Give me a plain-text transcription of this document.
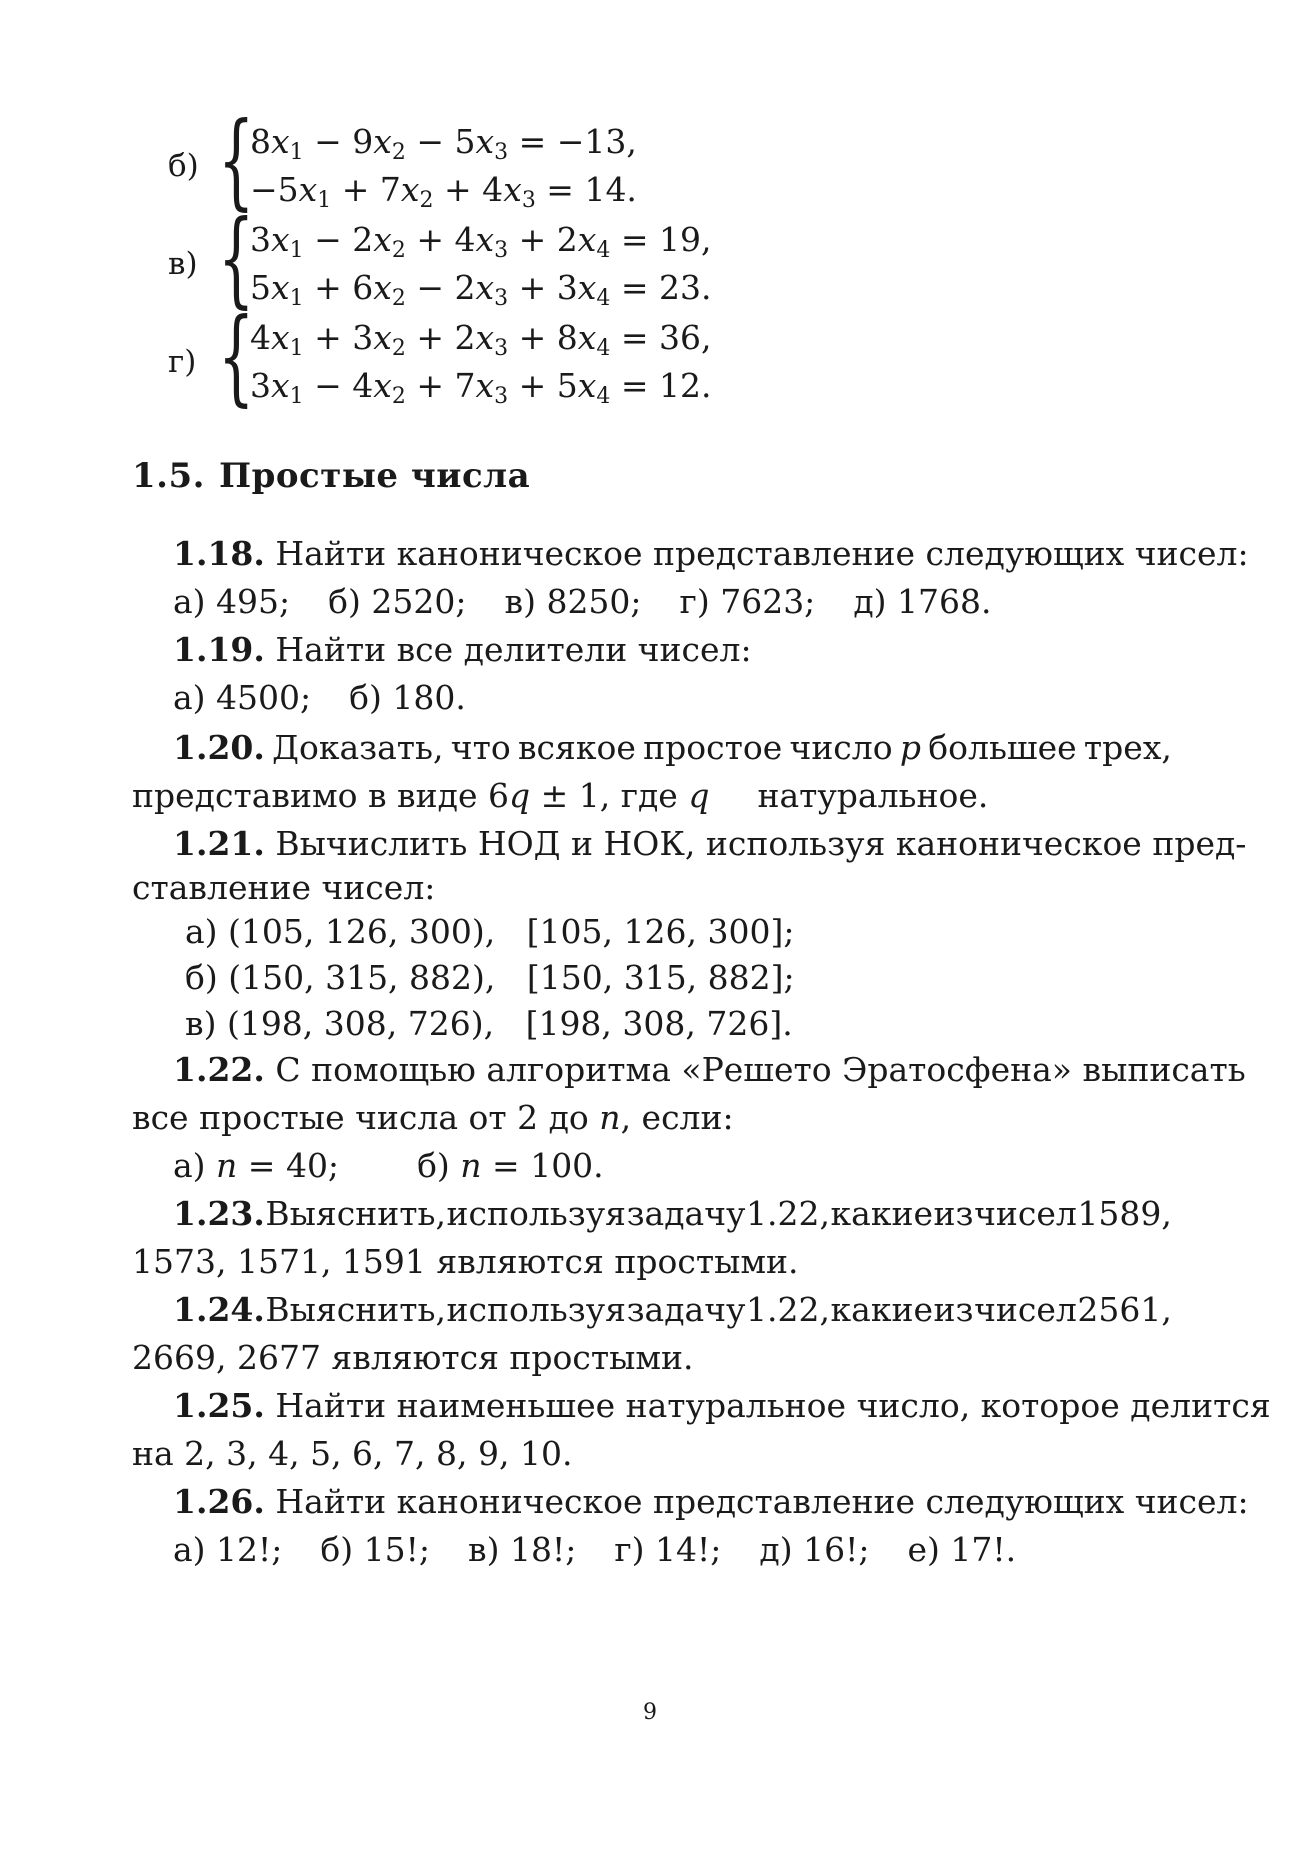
б) {
$8x_1 - 9x_2 - 5x_3 = -13$,
$-5x_1 + 7x_2 + 4x_3 = 14$.
в) {
$3x_1 - 2x_2 + 4x_3 + 2x_4 = 19$,
$5x_1 + 6x_2 - 2x_3 + 3x_4 = 23$.
г) {
$4x_1 + 3x_2 + 2x_3 + 8x_4 = 36$,
$3x_1 - 4x_2 + 7x_3 + 5x_4 = 12$.
1.5. Простые числа
1.18. Найти каноническое представление следующих чисел:
а) 495; б) 2520; в) 8250; г) 7623; д) 1768.
1.19. Найти все делители чисел:
а) 4500; б) 180.
1.20. Доказать, что всякое простое число p большее трех,
представимо в виде 6q ± 1, где q натуральное.
1.21. Вычислить НОД и НОК, используя каноническое пред-
ставление чисел:
а) (105, 126, 300),   [105, 126, 300];
б) (150, 315, 882),   [150, 315, 882];
в) (198, 308, 726),   [198, 308, 726].
1.22. С помощью алгоритма «Решето Эратосфена» выписать
все простые числа от 2 до n, если:
а) n = 40; б) n = 100.
1.23. Выяснить, используя задачу 1.22, какие из чисел 1589,
1573, 1571, 1591 являются простыми.
1.24. Выяснить, используя задачу 1.22, какие из чисел 2561,
2669, 2677 являются простыми.
1.25. Найти наименьшее натуральное число, которое делится
на 2, 3, 4, 5, 6, 7, 8, 9, 10.
1.26. Найти каноническое представление следующих чисел:
а) 12!; б) 15!; в) 18!; г) 14!; д) 16!; е) 17!.
9
